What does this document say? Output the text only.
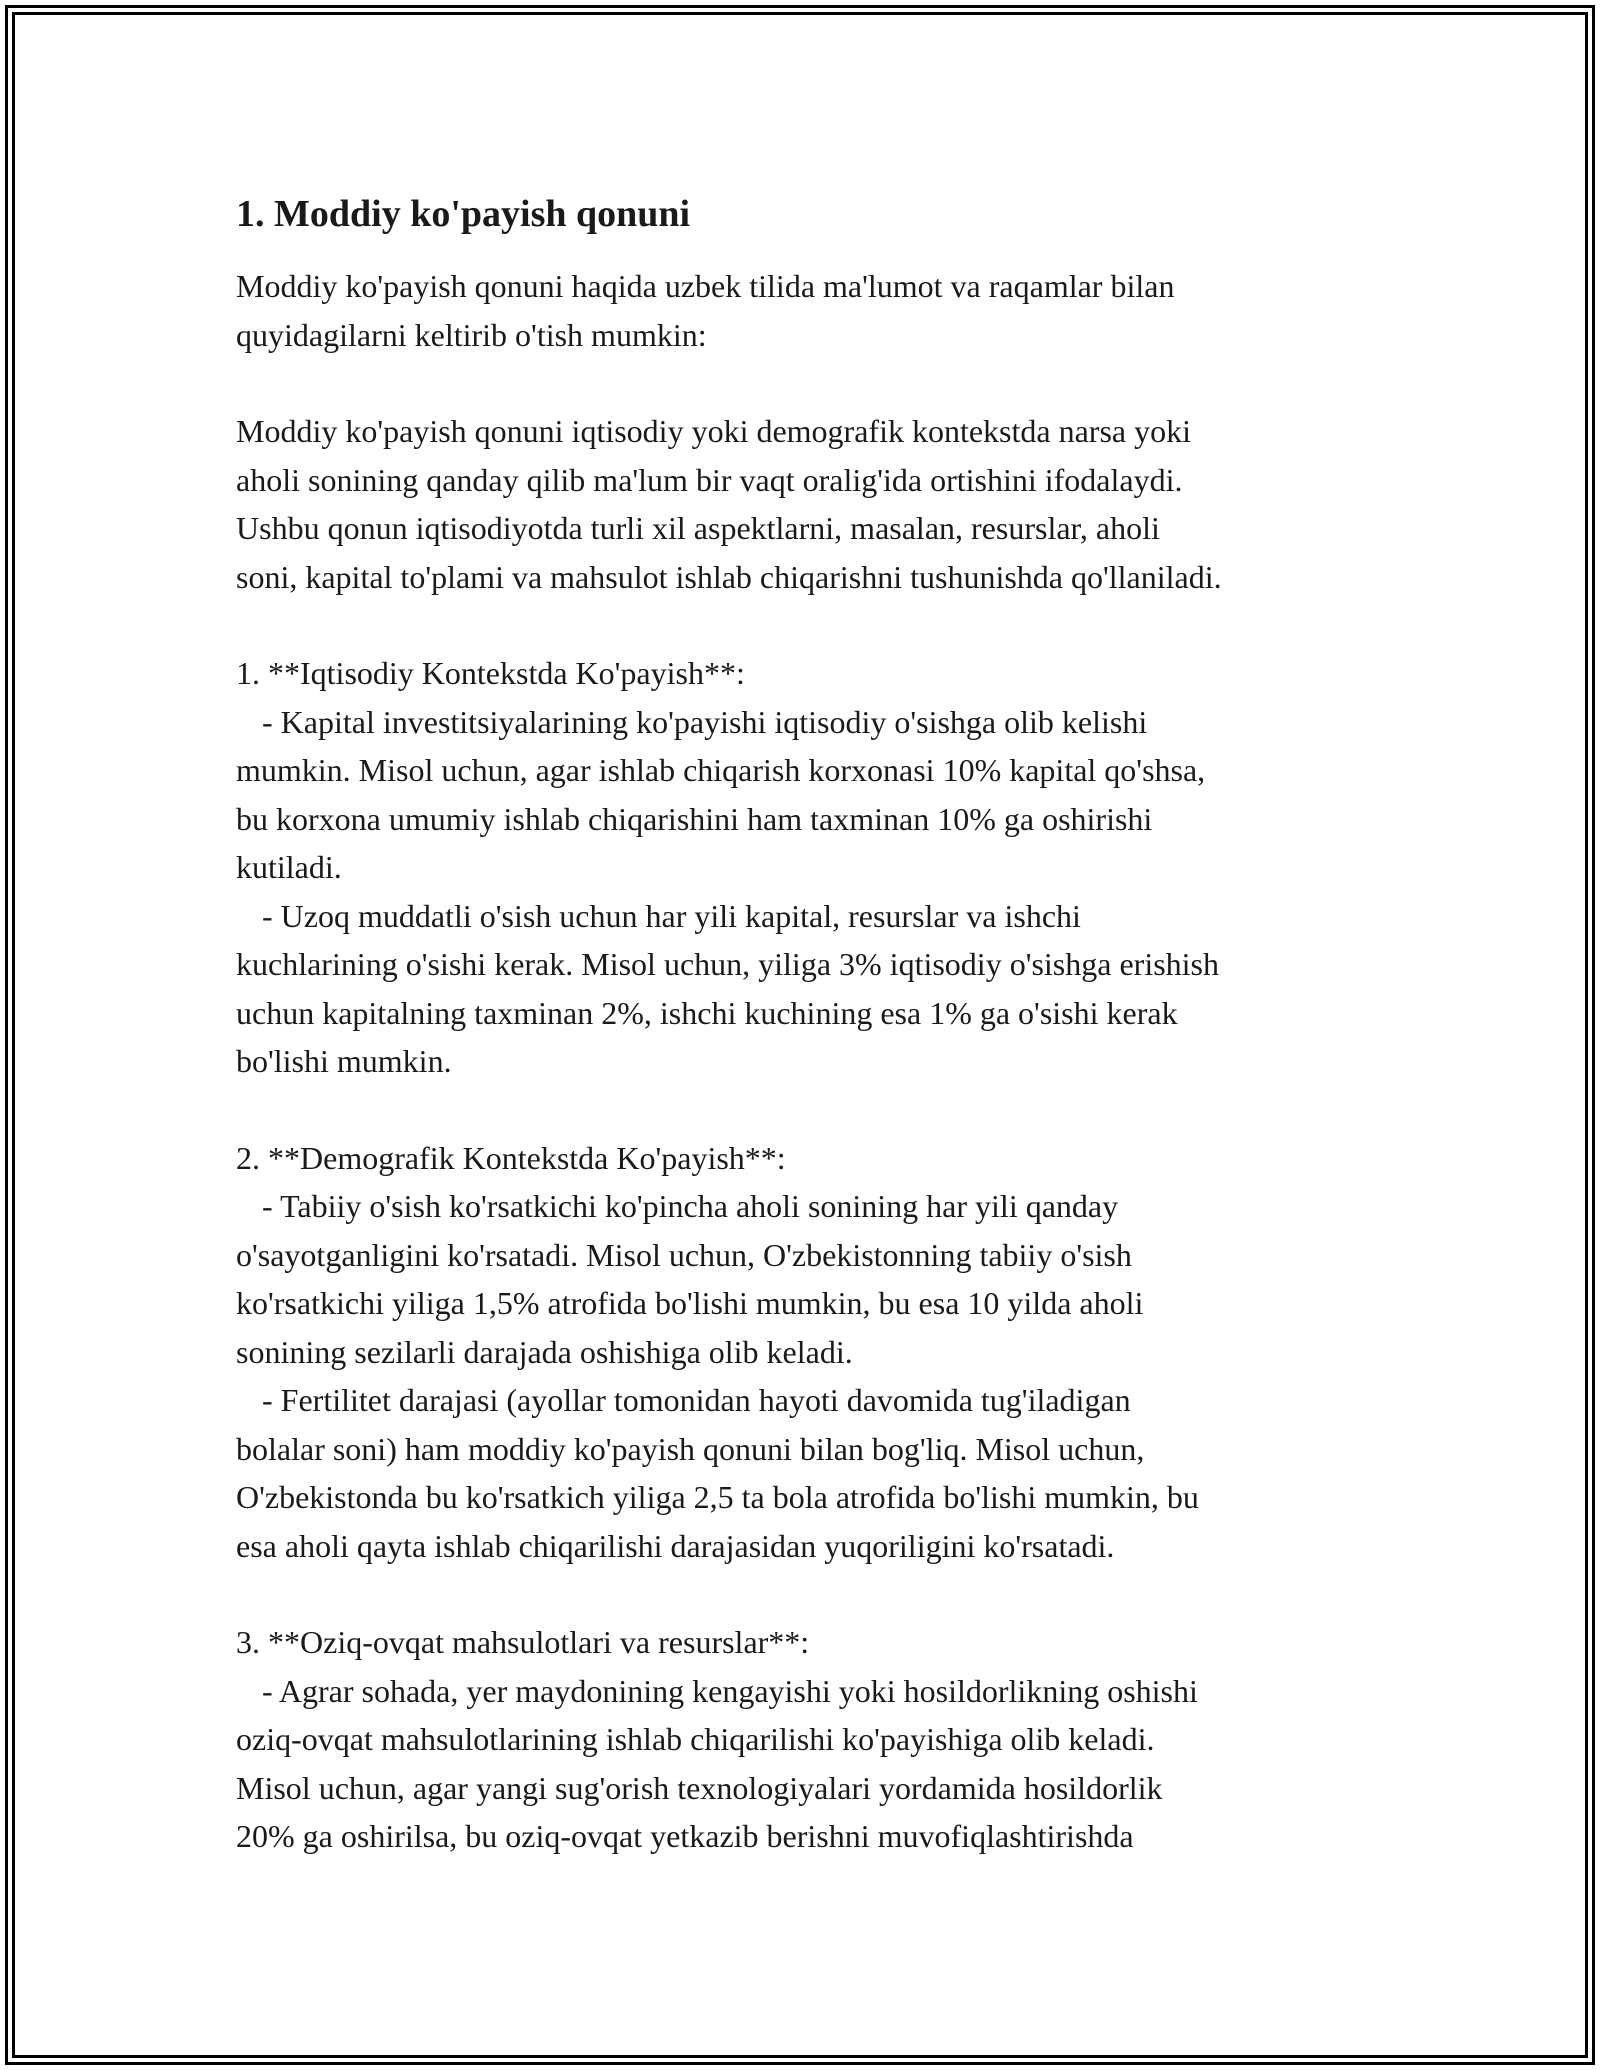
1. Moddiy ko'payish qonuni

Moddiy ko'payish qonuni haqida uzbek tilida ma'lumot va raqamlar bilan
quyidagilarni keltirib o'tish mumkin:

Moddiy ko'payish qonuni iqtisodiy yoki demografik kontekstda narsa yoki
aholi sonining qanday qilib ma'lum bir vaqt oralig'ida ortishini ifodalaydi.
Ushbu qonun iqtisodiyotda turli xil aspektlarni, masalan, resurslar, aholi
soni, kapital to'plami va mahsulot ishlab chiqarishni tushunishda qo'llaniladi.

1. **Iqtisodiy Kontekstda Ko'payish**:

- Kapital investitsiyalarining ko'payishi iqtisodiy o'sishga olib kelishi
mumkin. Misol uchun, agar ishlab chiqarish korxonasi 10% kapital qo'shsa,
bu korxona umumiy ishlab chiqarishini ham taxminan 10% ga oshirishi
kutiladi.

- Uzoq muddatli o'sish uchun har yili kapital, resurslar va ishchi
kuchlarining o'sishi kerak. Misol uchun, yiliga 3% iqtisodiy o'sishga erishish
uchun kapitalning taxminan 2%, ishchi kuchining esa 1% ga o'sishi kerak
bo'lishi mumkin.

2. **Demografik Kontekstda Ko'payish**:

- Tabiiy o'sish ko'rsatkichi ko'pincha aholi sonining har yili qanday
o'sayotganligini ko'rsatadi. Misol uchun, O'zbekistonning tabiiy o'sish
ko'rsatkichi yiliga 1,5% atrofida bo'lishi mumkin, bu esa 10 yilda aholi
sonining sezilarli darajada oshishiga olib keladi.

- Fertilitet darajasi (ayollar tomonidan hayoti davomida tug'iladigan
bolalar soni) ham moddiy ko'payish qonuni bilan bog'liq. Misol uchun,
O'zbekistonda bu ko'rsatkich yiliga 2,5 ta bola atrofida bo'lishi mumkin, bu
esa aholi qayta ishlab chiqarilishi darajasidan yuqoriligini ko'rsatadi.

3. **Oziq-ovqat mahsulotlari va resurslar**:

- Agrar sohada, yer maydonining kengayishi yoki hosildorlikning oshishi
oziq-ovqat mahsulotlarining ishlab chiqarilishi ko'payishiga olib keladi.
Misol uchun, agar yangi sug'orish texnologiyalari yordamida hosildorlik
20% ga oshirilsa, bu oziq-ovqat yetkazib berishni muvofiqlashtirishda
